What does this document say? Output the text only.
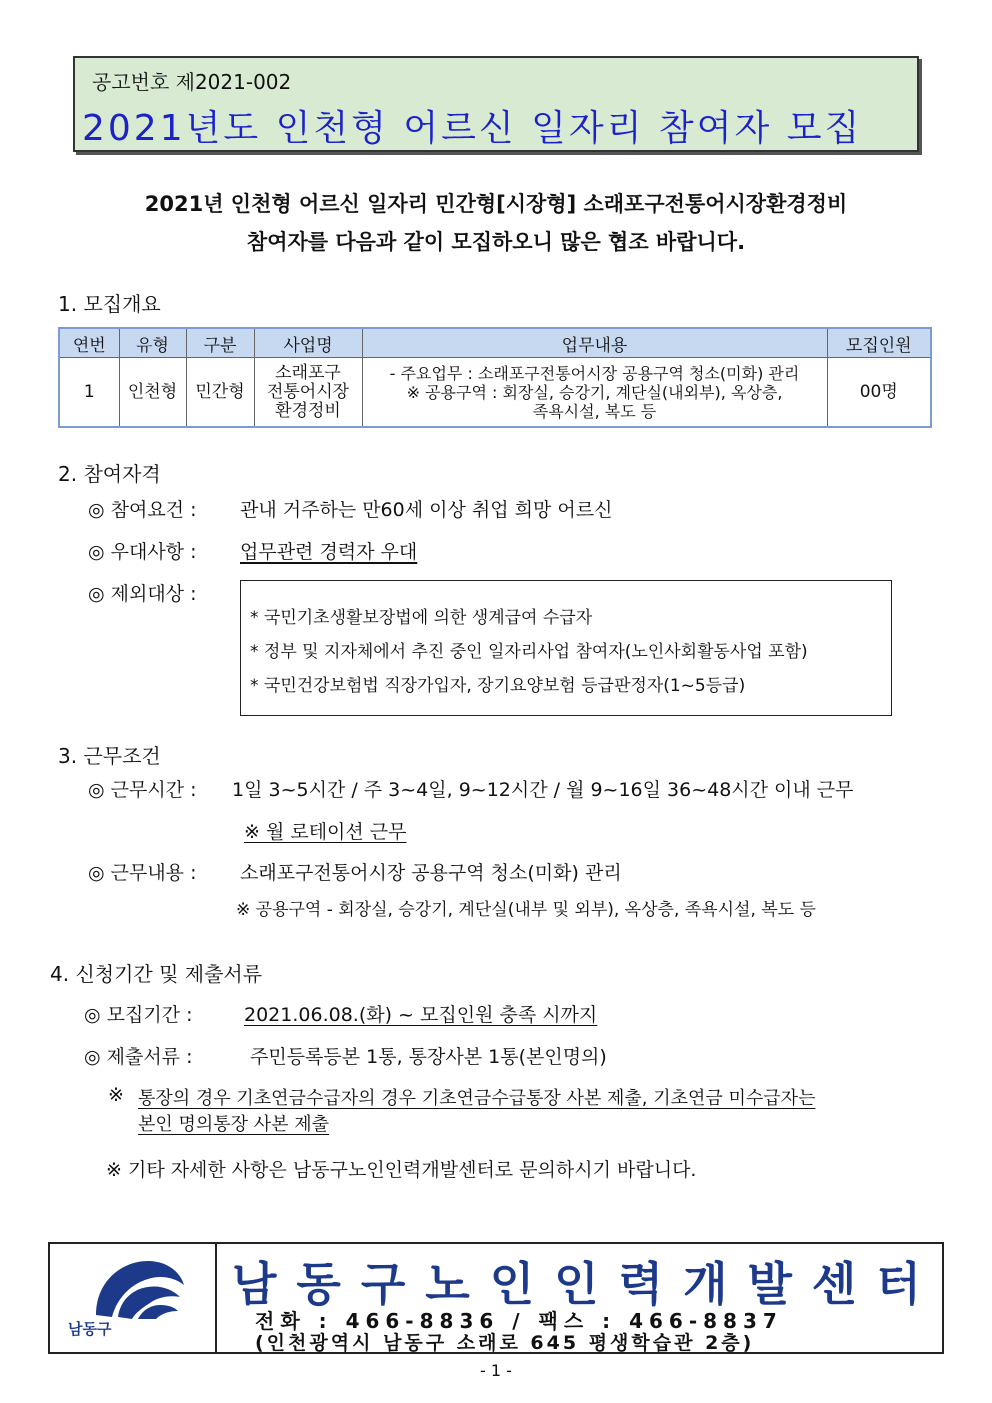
공고번호 제2021-002
2021년도 인천형 어르신 일자리 참여자 모집
2021년 인천형 어르신 일자리 민간형[시장형] 소래포구전통어시장환경정비
참여자를 다음과 같이 모집하오니 많은 협조 바랍니다.
1. 모집개요
연번	유형	구분	사업명	업무내용	모집인원
1	인천형	민간형	소래포구
전통어시장
환경정비	- 주요업무 : 소래포구전통어시장 공용구역 청소(미화) 관리
※ 공용구역 : 회장실, 승강기, 계단실(내외부), 옥상층,
족욕시설, 복도 등	00명
2. 참여자격
◎ 참여요건 : 관내 거주하는 만60세 이상 취업 희망 어르신
◎ 우대사항 : 업무관련 경력자 우대
◎ 제외대상 :
* 국민기초생활보장법에 의한 생계급여 수급자
* 정부 및 지자체에서 추진 중인 일자리사업 참여자(노인사회활동사업 포함)
* 국민건강보험법 직장가입자, 장기요양보험 등급판정자(1~5등급)
3. 근무조건
◎ 근무시간 : 1일 3~5시간 / 주 3~4일, 9~12시간 / 월 9~16일 36~48시간 이내 근무
※ 월 로테이션 근무
◎ 근무내용 : 소래포구전통어시장 공용구역 청소(미화) 관리
※ 공용구역 - 회장실, 승강기, 계단실(내부 및 외부), 옥상층, 족욕시설, 복도 등
4. 신청기간 및 제출서류
◎ 모집기간 :	2021.06.08.(화) ~ 모집인원 충족 시까지
◎ 제출서류 :	주민등록등본 1통, 통장사본 1통(본인명의)
※ 통장의 경우 기초연금수급자의 경우 기초연금수급통장 사본 제출, 기초연금 미수급자는
본인 명의통장 사본 제출
※ 기타 자세한 사항은 남동구노인인력개발센터로 문의하시기 바랍니다.
남동구
남동구노인인력개발센터
전화 : 466-8836 / 팩스 : 466-8837
(인천광역시 남동구 소래로 645 평생학습관 2층)
- 1 -
